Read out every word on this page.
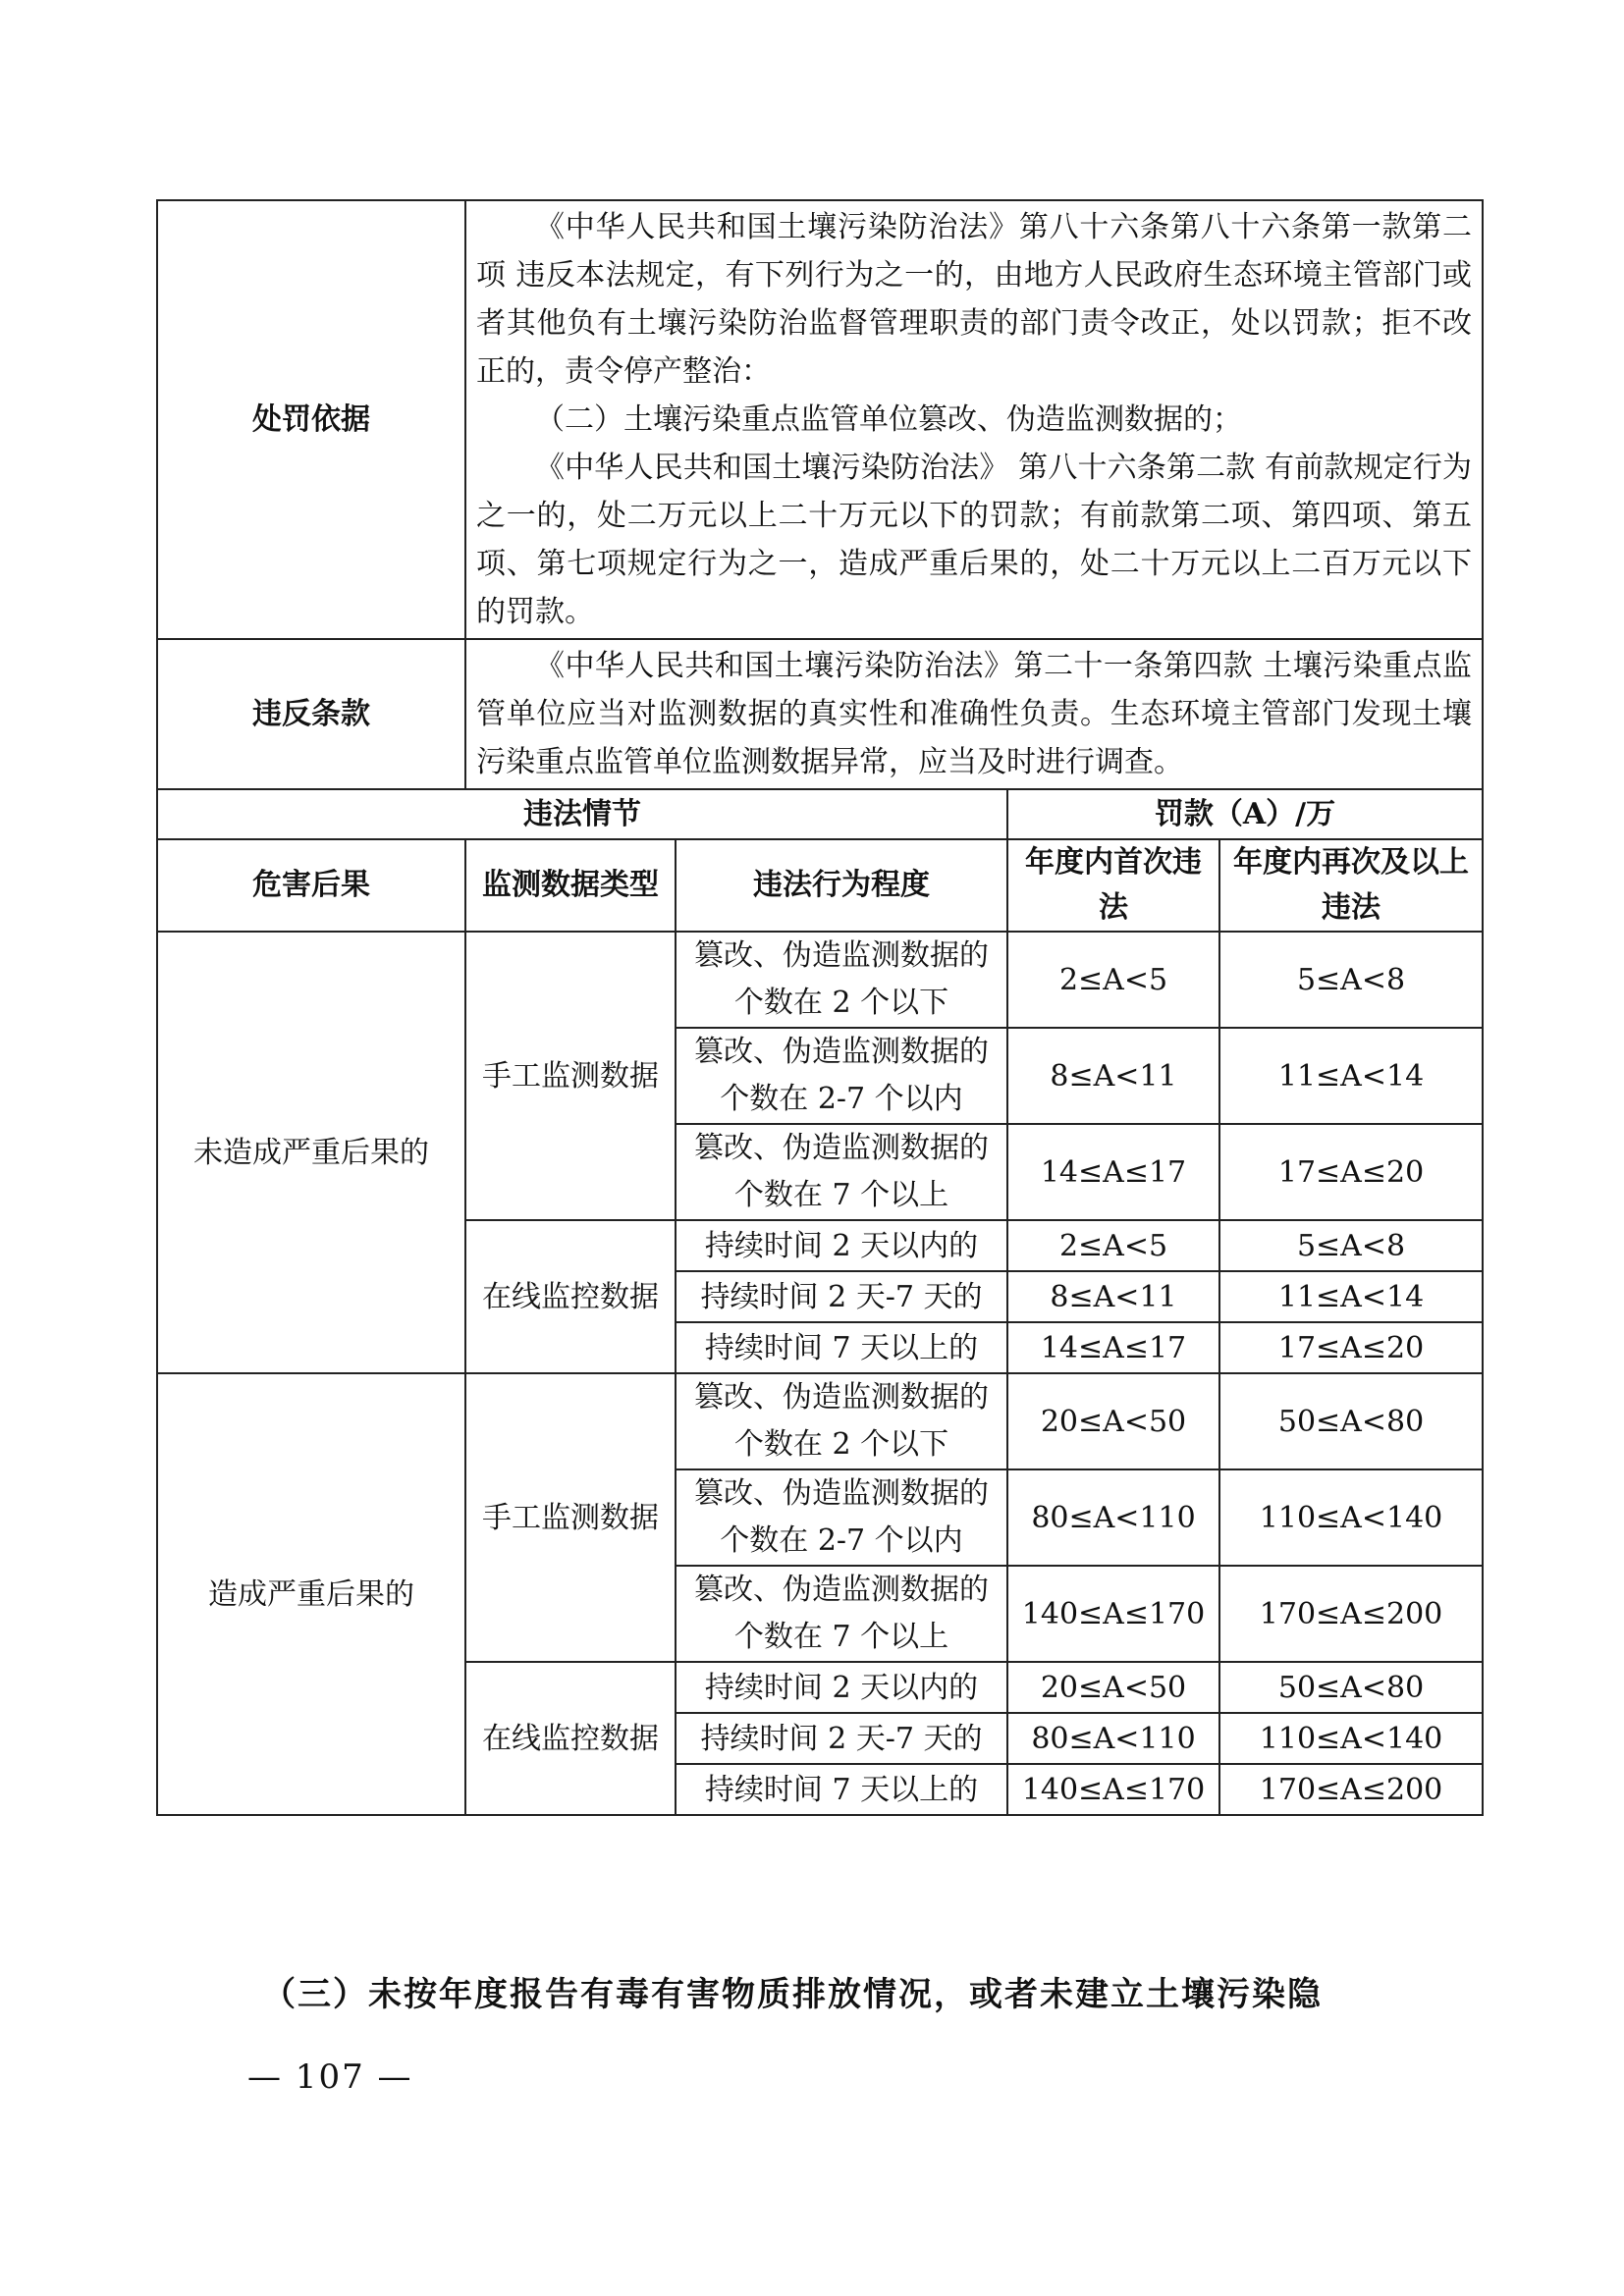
处罚依据	《中华人民共和国土壤污染防治法》第八十六条第八十六条第一款第二项 违反本法规定，有下列行为之一的，由地方人民政府生态环境主管部门或者其他负有土壤污染防治监督管理职责的部门责令改正，处以罚款；拒不改正的，责令停产整治：

（二）土壤污染重点监管单位篡改、伪造监测数据的；

《中华人民共和国土壤污染防治法》 第八十六条第二款 有前款规定行为之一的，处二万元以上二十万元以下的罚款；有前款第二项、第四项、第五项、第七项规定行为之一，造成严重后果的，处二十万元以上二百万元以下的罚款。			

违反条款	《中华人民共和国土壤污染防治法》第二十一条第四款 土壤污染重点监管单位应当对监测数据的真实性和准确性负责。生态环境主管部门发现土壤污染重点监管单位监测数据异常，应当及时进行调查。			

违法情节			罚款（A）/万	
危害后果	监测数据类型	违法行为程度	年度内首次违法	年度内再次及以上违法
未造成严重后果的	手工监测数据	篡改、伪造监测数据的个数在 2 个以下	2≤A<5	5≤A<8
		篡改、伪造监测数据的个数在 2-7 个以内	8≤A<11	11≤A<14
		篡改、伪造监测数据的个数在 7 个以上	14≤A≤17	17≤A≤20
	在线监控数据	持续时间 2 天以内的	2≤A<5	5≤A<8
		持续时间 2 天-7 天的	8≤A<11	11≤A<14
		持续时间 7 天以上的	14≤A≤17	17≤A≤20
造成严重后果的	手工监测数据	篡改、伪造监测数据的个数在 2 个以下	20≤A<50	50≤A<80
		篡改、伪造监测数据的个数在 2-7 个以内	80≤A<110	110≤A<140
		篡改、伪造监测数据的个数在 7 个以上	140≤A≤170	170≤A≤200
	在线监控数据	持续时间 2 天以内的	20≤A<50	50≤A<80
		持续时间 2 天-7 天的	80≤A<110	110≤A<140
		持续时间 7 天以上的	140≤A≤170	170≤A≤200
（三）未按年度报告有毒有害物质排放情况，或者未建立土壤污染隐
— 107 —
